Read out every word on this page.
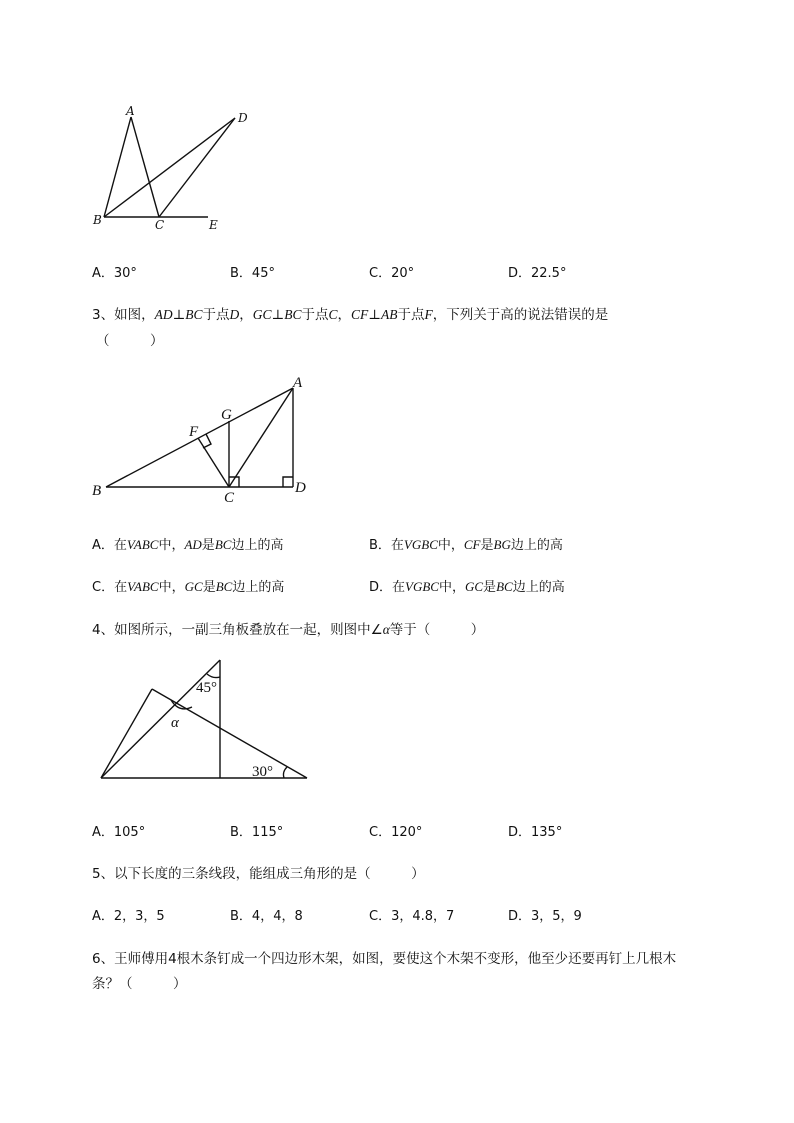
A
B	C
D
E
A．30°	B．45°	C．20°	D．22.5°
3、如图，AD⊥BC于点D，GC⊥BC于点C，CF⊥AB于点F，下列关于高的说法错误的是
（　　　）
A
B	C
D
F
G
A．在VABC中，AD是BC边上的高	B．在VGBC中，CF是BG边上的高
C．在VABC中，GC是BC边上的高	D．在VGBC中，GC是BC边上的高
4、如图所示，一副三角板叠放在一起，则图中∠α等于（　　　）
45°
α
30°
A．105°	B．115°	C．120°	D．135°
5、以下长度的三条线段，能组成三角形的是（　　　）
A．2，3，5	B．4，4，8	C．3，4.8，7	D．3，5，9
6、王师傅用4根木条钉成一个四边形木架，如图，要使这个木架不变形，他至少还要再钉上几根木
条？（　　　）
